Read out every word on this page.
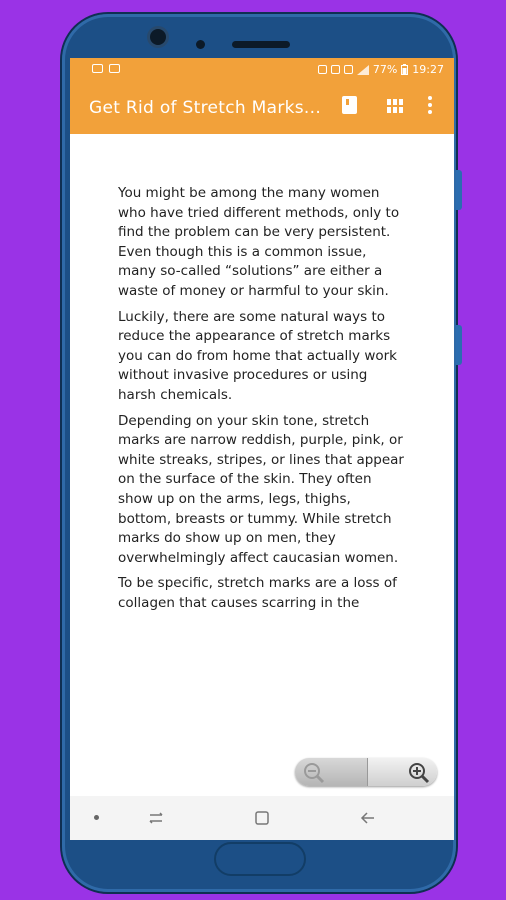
77% 19:27
Get Rid of Stretch Marks...

You might be among the many women who have tried different methods, only to find the problem can be very persistent. Even though this is a common issue, many so-called “solutions” are either a waste of money or harmful to your skin.

Luckily, there are some natural ways to reduce the appearance of stretch marks you can do from home that actually work without invasive procedures or using harsh chemicals.

Depending on your skin tone, stretch marks are narrow reddish, purple, pink, or white streaks, stripes, or lines that appear on the surface of the skin. They often show up on the arms, legs, thighs, bottom, breasts or tummy. While stretch marks do show up on men, they overwhelmingly affect caucasian women.

To be specific, stretch marks are a loss of collagen that causes scarring in the
